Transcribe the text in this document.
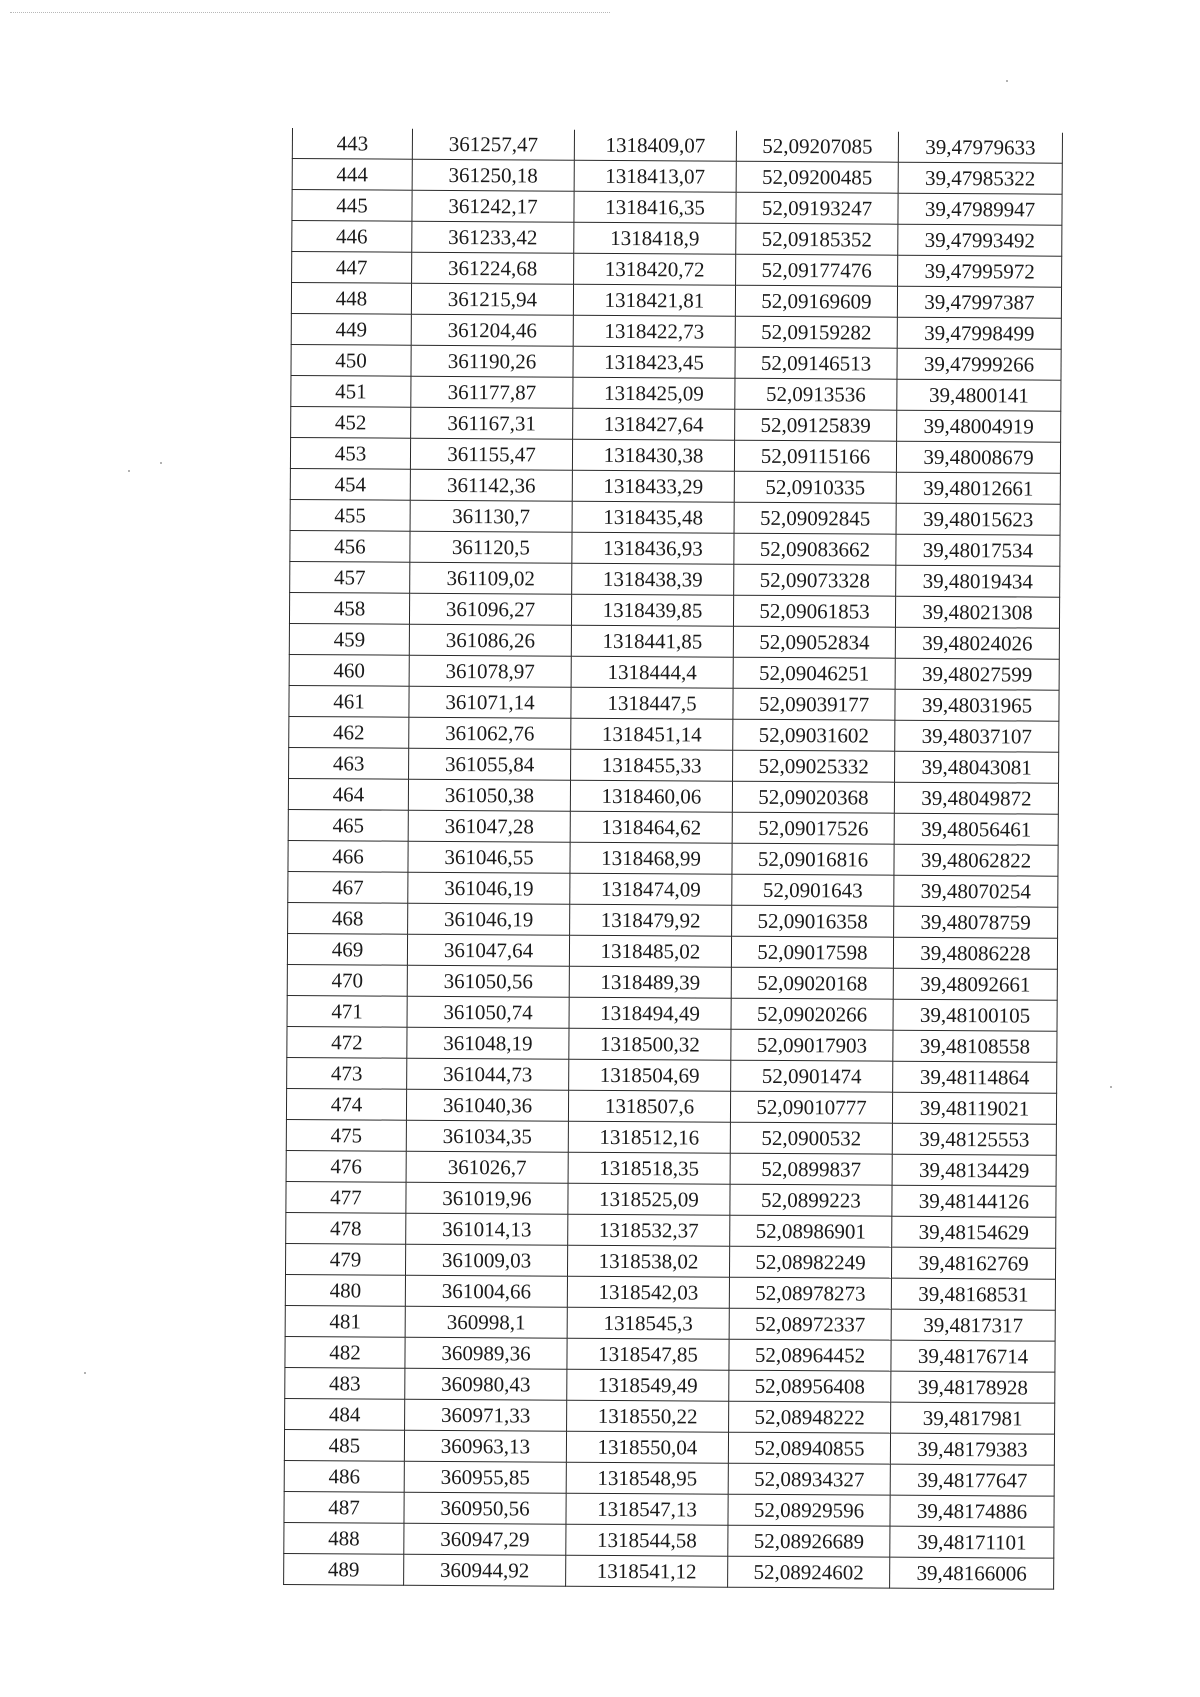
443	361257,47	1318409,07	52,09207085	39,47979633
444	361250,18	1318413,07	52,09200485	39,47985322
445	361242,17	1318416,35	52,09193247	39,47989947
446	361233,42	1318418,9	52,09185352	39,47993492
447	361224,68	1318420,72	52,09177476	39,47995972
448	361215,94	1318421,81	52,09169609	39,47997387
449	361204,46	1318422,73	52,09159282	39,47998499
450	361190,26	1318423,45	52,09146513	39,47999266
451	361177,87	1318425,09	52,0913536	39,4800141
452	361167,31	1318427,64	52,09125839	39,48004919
453	361155,47	1318430,38	52,09115166	39,48008679
454	361142,36	1318433,29	52,0910335	39,48012661
455	361130,7	1318435,48	52,09092845	39,48015623
456	361120,5	1318436,93	52,09083662	39,48017534
457	361109,02	1318438,39	52,09073328	39,48019434
458	361096,27	1318439,85	52,09061853	39,48021308
459	361086,26	1318441,85	52,09052834	39,48024026
460	361078,97	1318444,4	52,09046251	39,48027599
461	361071,14	1318447,5	52,09039177	39,48031965
462	361062,76	1318451,14	52,09031602	39,48037107
463	361055,84	1318455,33	52,09025332	39,48043081
464	361050,38	1318460,06	52,09020368	39,48049872
465	361047,28	1318464,62	52,09017526	39,48056461
466	361046,55	1318468,99	52,09016816	39,48062822
467	361046,19	1318474,09	52,0901643	39,48070254
468	361046,19	1318479,92	52,09016358	39,48078759
469	361047,64	1318485,02	52,09017598	39,48086228
470	361050,56	1318489,39	52,09020168	39,48092661
471	361050,74	1318494,49	52,09020266	39,48100105
472	361048,19	1318500,32	52,09017903	39,48108558
473	361044,73	1318504,69	52,0901474	39,48114864
474	361040,36	1318507,6	52,09010777	39,48119021
475	361034,35	1318512,16	52,0900532	39,48125553
476	361026,7	1318518,35	52,0899837	39,48134429
477	361019,96	1318525,09	52,0899223	39,48144126
478	361014,13	1318532,37	52,08986901	39,48154629
479	361009,03	1318538,02	52,08982249	39,48162769
480	361004,66	1318542,03	52,08978273	39,48168531
481	360998,1	1318545,3	52,08972337	39,4817317
482	360989,36	1318547,85	52,08964452	39,48176714
483	360980,43	1318549,49	52,08956408	39,48178928
484	360971,33	1318550,22	52,08948222	39,4817981
485	360963,13	1318550,04	52,08940855	39,48179383
486	360955,85	1318548,95	52,08934327	39,48177647
487	360950,56	1318547,13	52,08929596	39,48174886
488	360947,29	1318544,58	52,08926689	39,48171101
489	360944,92	1318541,12	52,08924602	39,48166006
